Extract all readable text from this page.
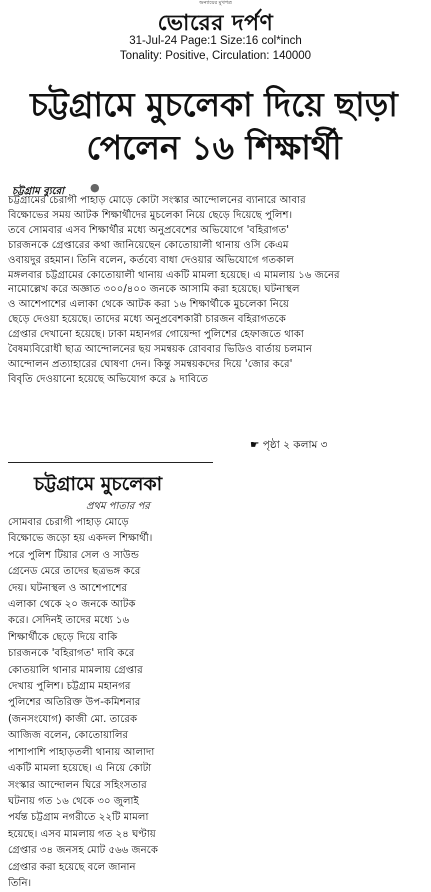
অন্যায়ের মুখপত্র
ভোরের দর্পণ
31-Jul-24 Page:1 Size:16 col*inch
Tonality: Positive, Circulation: 140000
চট্টগ্রামে মুচলেকা দিয়ে ছাড়া
পেলেন ১৬ শিক্ষার্থী
চট্টগ্রাম ব্যুরো ●
চট্টগ্রামের চেরাগী পাহাড় মোড়ে কোটা সংস্কার আন্দোলনের ব্যানারে আবার
বিক্ষোভের সময় আটক শিক্ষার্থীদের মুচলেকা নিয়ে ছেড়ে দিয়েছে পুলিশ।
তবে সোমবার এসব শিক্ষার্থীর মধ্যে অনুপ্রবেশের অভিযোগে 'বহিরাগত'
চারজনকে গ্রেপ্তারের কথা জানিয়েছেন কোতোয়ালী থানায় ওসি কেএম
ওবায়দুর রহমান। তিনি বলেন, কর্তব্যে বাধা দেওয়ার অভিযোগে গতকাল
মঙ্গলবার চট্টগ্রামের কোতোয়ালী থানায় একটি মামলা হয়েছে। এ মামলায় ১৬ জনের
নামোল্লেখ করে অজ্ঞাত ৩০০/৪০০ জনকে আসামি করা হয়েছে। ঘটনাস্থল
ও আশেপাশের এলাকা থেকে আটক করা ১৬ শিক্ষার্থীকে মুচলেকা নিয়ে
ছেড়ে দেওয়া হয়েছে। তাদের মধ্যে অনুপ্রবেশকারী চারজন বহিরাগতকে
গ্রেপ্তার দেখানো হয়েছে। ঢাকা মহানগর গোয়েন্দা পুলিশের হেফাজতে থাকা
বৈষম্যবিরোধী ছাত্র আন্দোলনের ছয় সমন্বয়ক রোববার ভিডিও বার্তায় চলমান
আন্দোলন প্রত্যাহারের ঘোষণা দেন। কিন্তু সমন্বয়কদের দিয়ে 'জোর করে'
বিবৃতি দেওয়ানো হয়েছে অভিযোগ করে ৯ দাবিতে
☛ পৃষ্ঠা ২ কলাম ৩
চট্টগ্রামে মুচলেকা
প্রথম পাতার পর
সোমবার চেরাগী পাহাড় মোড়ে
বিক্ষোভে জড়ো হয় একদল শিক্ষার্থী।
পরে পুলিশ টিয়ার সেল ও সাউন্ড
গ্রেনেড মেরে তাদের ছত্রভঙ্গ করে
দেয়। ঘটনাস্থল ও আশেপাশের
এলাকা থেকে ২০ জনকে আটক
করে। সেদিনই তাদের মধ্যে ১৬
শিক্ষার্থীকে ছেড়ে দিয়ে বাকি
চারজনকে 'বহিরাগত' দাবি করে
কোতয়ালি থানার মামলায় গ্রেপ্তার
দেখায় পুলিশ। চট্টগ্রাম মহানগর
পুলিশের অতিরিক্ত উপ-কমিশনার
(জনসংযোগ) কাজী মো. তারেক
আজিজ বলেন, কোতোয়ালির
পাশাপাশি পাহাড়তলী থানায় আলাদা
একটি মামলা হয়েছে। এ নিয়ে কোটা
সংস্কার আন্দোলন ঘিরে সহিংসতার
ঘটনায় গত ১৬ থেকে ৩০ জুলাই
পর্যন্ত চট্টগ্রাম নগরীতে ২২টি মামলা
হয়েছে। এসব মামলায় গত ২৪ ঘণ্টায়
গ্রেপ্তার ৩৪ জনসহ মোট ৫৬৬ জনকে
গ্রেপ্তার করা হয়েছে বলে জানান
তিনি।
